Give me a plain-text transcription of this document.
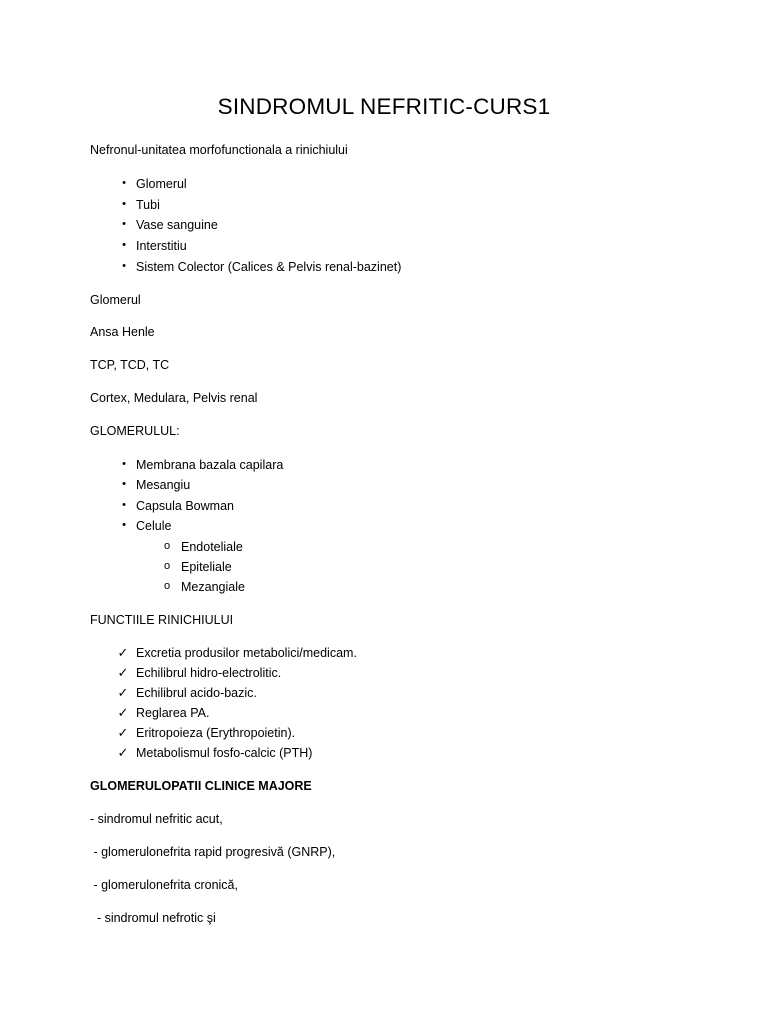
SINDROMUL NEFRITIC-CURS1
Nefronul-unitatea morfofunctionala a rinichiului
• Glomerul
• Tubi
• Vase sanguine
• Interstitiu
• Sistem Colector (Calices & Pelvis renal-bazinet)
Glomerul
Ansa Henle
TCP, TCD, TC
Cortex, Medulara, Pelvis renal
GLOMERULUL:
• Membrana bazala capilara
• Mesangiu
• Capsula Bowman
• Celule
o Endoteliale
o Epiteliale
o Mezangiale
FUNCTIILE RINICHIULUI
✓ Excretia produsilor metabolici/medicam.
✓ Echilibrul hidro-electrolitic.
✓ Echilibrul acido-bazic.
✓ Reglarea PA.
✓ Eritropoieza (Erythropoietin).
✓ Metabolismul fosfo-calcic (PTH)
GLOMERULOPATII CLINICE MAJORE
- sindromul nefritic acut,
- glomerulonefrita rapid progresivă (GNRP),
- glomerulonefrita cronică,
- sindromul nefrotic şi
